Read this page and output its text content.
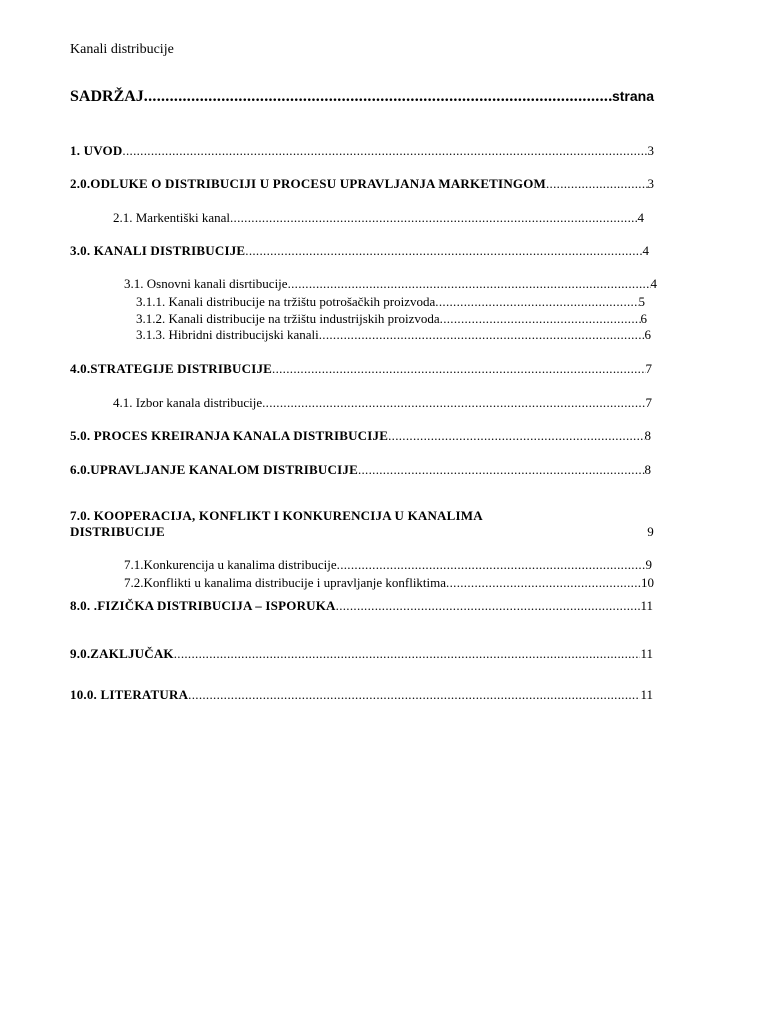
Kanali distribucije
SADRŽAJ .....	strana
1. UVOD .....	3
2.0.ODLUKE O DISTRIBUCIJI U PROCESU UPRAVLJANJA MARKETINGOM .....	3
2.1. Markentiški kanal .....	4
3.0. KANALI DISTRIBUCIJE .....	4
3.1. Osnovni kanali disrtibucije .....	4
3.1.1. Kanali distribucije na tržištu potrošačkih proizvoda .....	5
3.1.2. Kanali distribucije na tržištu industrijskih proizvoda .....	6
3.1.3. Hibridni distribucijski kanali .....	6
4.0.STRATEGIJE DISTRIBUCIJE .....	7
4.1. Izbor kanala distribucije .....	7
5.0. PROCES KREIRANJA KANALA DISTRIBUCIJE .....	8
6.0.UPRAVLJANJE KANALOM DISTRIBUCIJE .....	8
7.0. KOOPERACIJA, KONFLIKT I KONKURENCIJA U KANALIMA
DISTRIBUCIJE	9
7.1.Konkurencija u kanalima distribucije .....	9
7.2.Konflikti u kanalima distribucije i upravljanje konfliktima .....	10
8.0. .FIZIČKA DISTRIBUCIJA – ISPORUKA .....	11
9.0.ZAKLJUČAK .....	11
10.0. LITERATURA .....	11
